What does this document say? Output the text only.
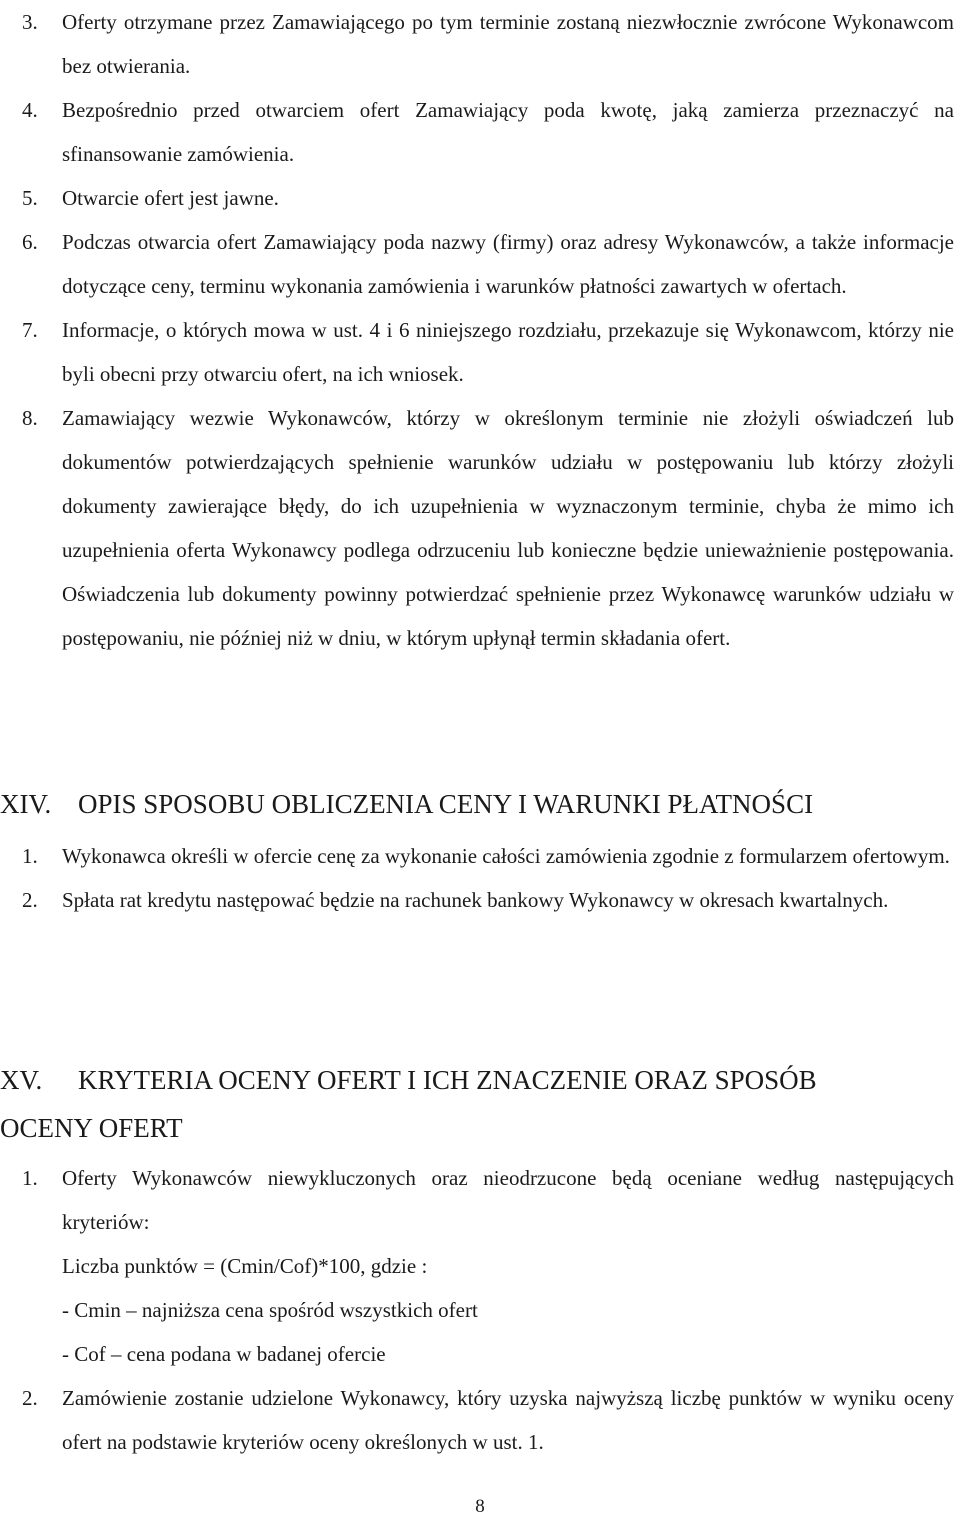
3. Oferty otrzymane przez Zamawiającego po tym terminie zostaną niezwłocznie zwrócone Wykonawcom bez otwierania.
4. Bezpośrednio przed otwarciem ofert Zamawiający poda kwotę, jaką zamierza przeznaczyć na sfinansowanie zamówienia.
5. Otwarcie ofert jest jawne.
6. Podczas otwarcia ofert Zamawiający poda nazwy (firmy) oraz adresy Wykonawców, a także informacje dotyczące ceny, terminu wykonania zamówienia i warunków płatności zawartych w ofertach.
7. Informacje, o których mowa w ust. 4 i 6 niniejszego rozdziału, przekazuje się Wykonawcom, którzy nie byli obecni przy otwarciu ofert, na ich wniosek.
8. Zamawiający wezwie Wykonawców, którzy w określonym terminie nie złożyli oświadczeń lub dokumentów potwierdzających spełnienie warunków udziału w postępowaniu lub którzy złożyli dokumenty zawierające błędy, do ich uzupełnienia w wyznaczonym terminie, chyba że mimo ich uzupełnienia oferta Wykonawcy podlega odrzuceniu lub konieczne będzie unieważnienie postępowania. Oświadczenia lub dokumenty powinny potwierdzać spełnienie przez Wykonawcę warunków udziału w postępowaniu, nie później niż w dniu, w którym upłynął termin składania ofert.
XIV. OPIS SPOSOBU OBLICZENIA CENY I WARUNKI PŁATNOŚCI
1. Wykonawca określi w ofercie cenę za wykonanie całości zamówienia zgodnie z formularzem ofertowym.
2. Spłata rat kredytu następować będzie na rachunek bankowy Wykonawcy w okresach kwartalnych.
XV. KRYTERIA OCENY OFERT I ICH ZNACZENIE ORAZ SPOSÓB
OCENY OFERT
1. Oferty Wykonawców niewykluczonych oraz nieodrzucone będą oceniane według następujących kryteriów:
Liczba punktów = (Cmin/Cof)*100, gdzie :
- Cmin – najniższa cena spośród wszystkich ofert
- Cof – cena podana w badanej ofercie
2. Zamówienie zostanie udzielone Wykonawcy, który uzyska najwyższą liczbę punktów w wyniku oceny ofert na podstawie kryteriów oceny określonych w ust. 1.
8
